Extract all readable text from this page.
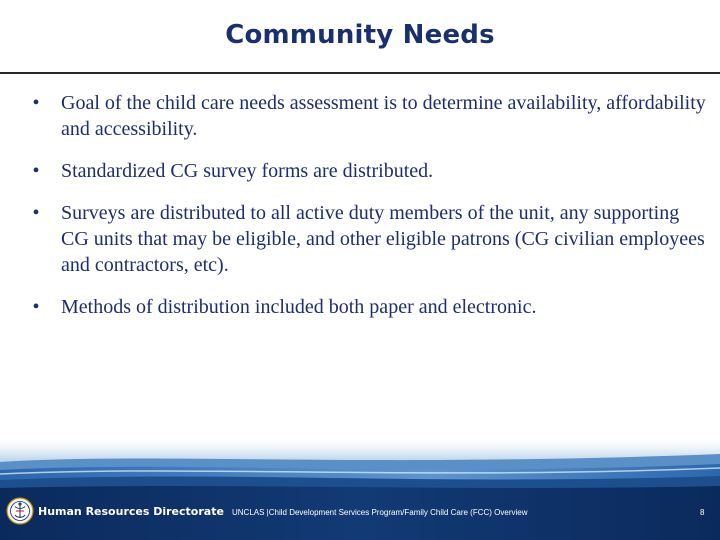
Community Needs
•	Goal of the child care needs assessment is to determine availability, affordability and accessibility.
•	Standardized CG survey forms are distributed.
•	Surveys are distributed to all active duty members of the unit, any supporting CG units that may be eligible, and other eligible patrons (CG civilian employees and contractors, etc).
•	Methods of distribution included both paper and electronic.
Human Resources Directorate UNCLAS |Child Development Services Program/Family Child Care (FCC) Overview	8
